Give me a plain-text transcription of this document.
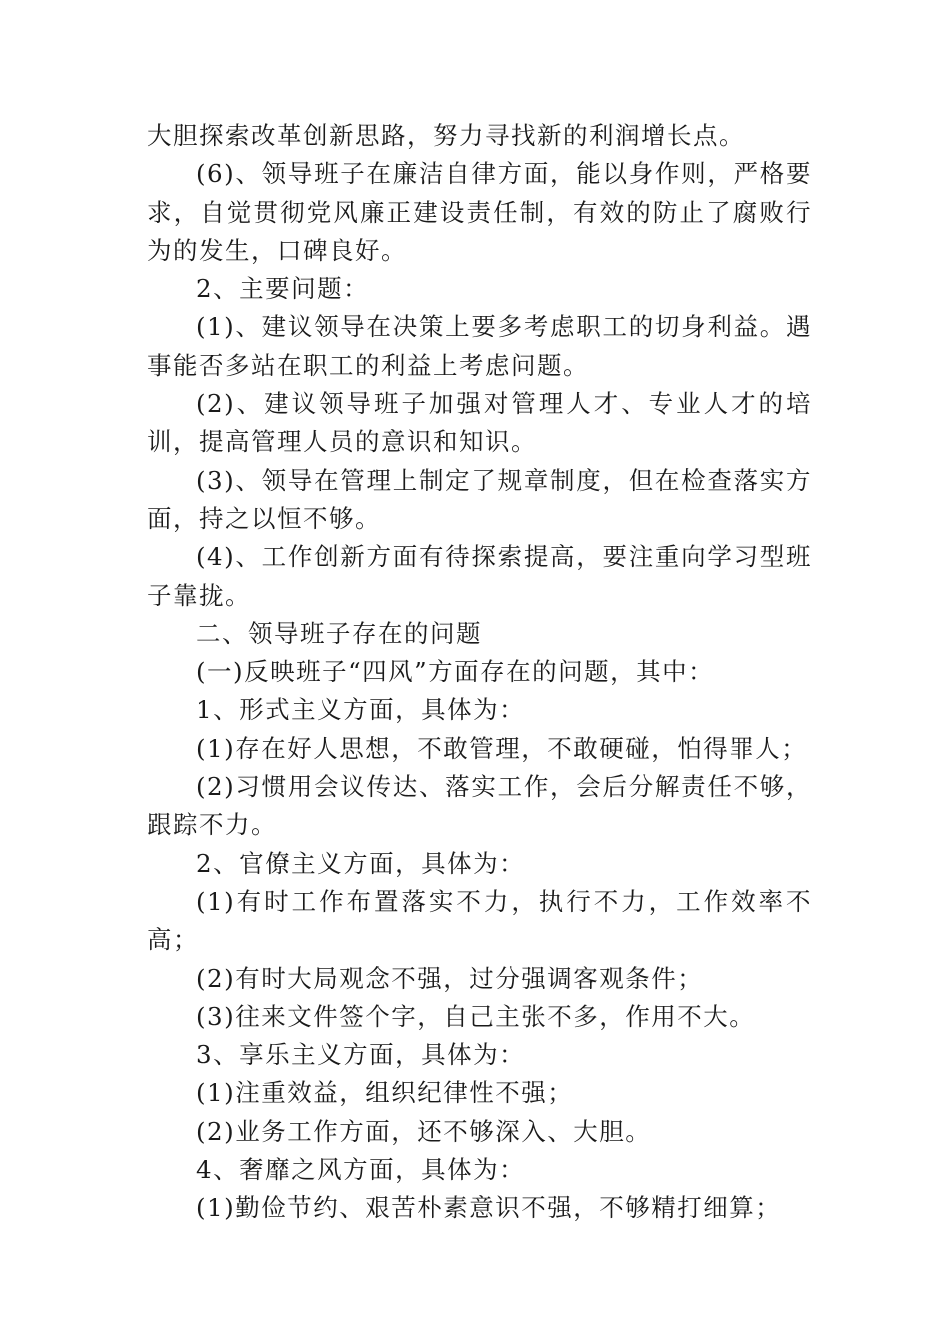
大胆探索改革创新思路，努力寻找新的利润增长点。

(6)、领导班子在廉洁自律方面，能以身作则，严格要求，自觉贯彻党风廉正建设责任制，有效的防止了腐败行为的发生，口碑良好。

2、主要问题：

(1)、建议领导在决策上要多考虑职工的切身利益。遇事能否多站在职工的利益上考虑问题。

(2)、建议领导班子加强对管理人才、专业人才的培训，提高管理人员的意识和知识。

(3)、领导在管理上制定了规章制度，但在检查落实方面，持之以恒不够。

(4)、工作创新方面有待探索提高，要注重向学习型班子靠拢。

二、领导班子存在的问题

(一)反映班子“四风”方面存在的问题，其中：

1、形式主义方面，具体为：

(1)存在好人思想，不敢管理，不敢硬碰，怕得罪人；

(2)习惯用会议传达、落实工作，会后分解责任不够，跟踪不力。

2、官僚主义方面，具体为：

(1)有时工作布置落实不力，执行不力，工作效率不高；

(2)有时大局观念不强，过分强调客观条件；

(3)往来文件签个字，自己主张不多，作用不大。

3、享乐主义方面，具体为：

(1)注重效益，组织纪律性不强；

(2)业务工作方面，还不够深入、大胆。

4、奢靡之风方面，具体为：

(1)勤俭节约、艰苦朴素意识不强，不够精打细算；
